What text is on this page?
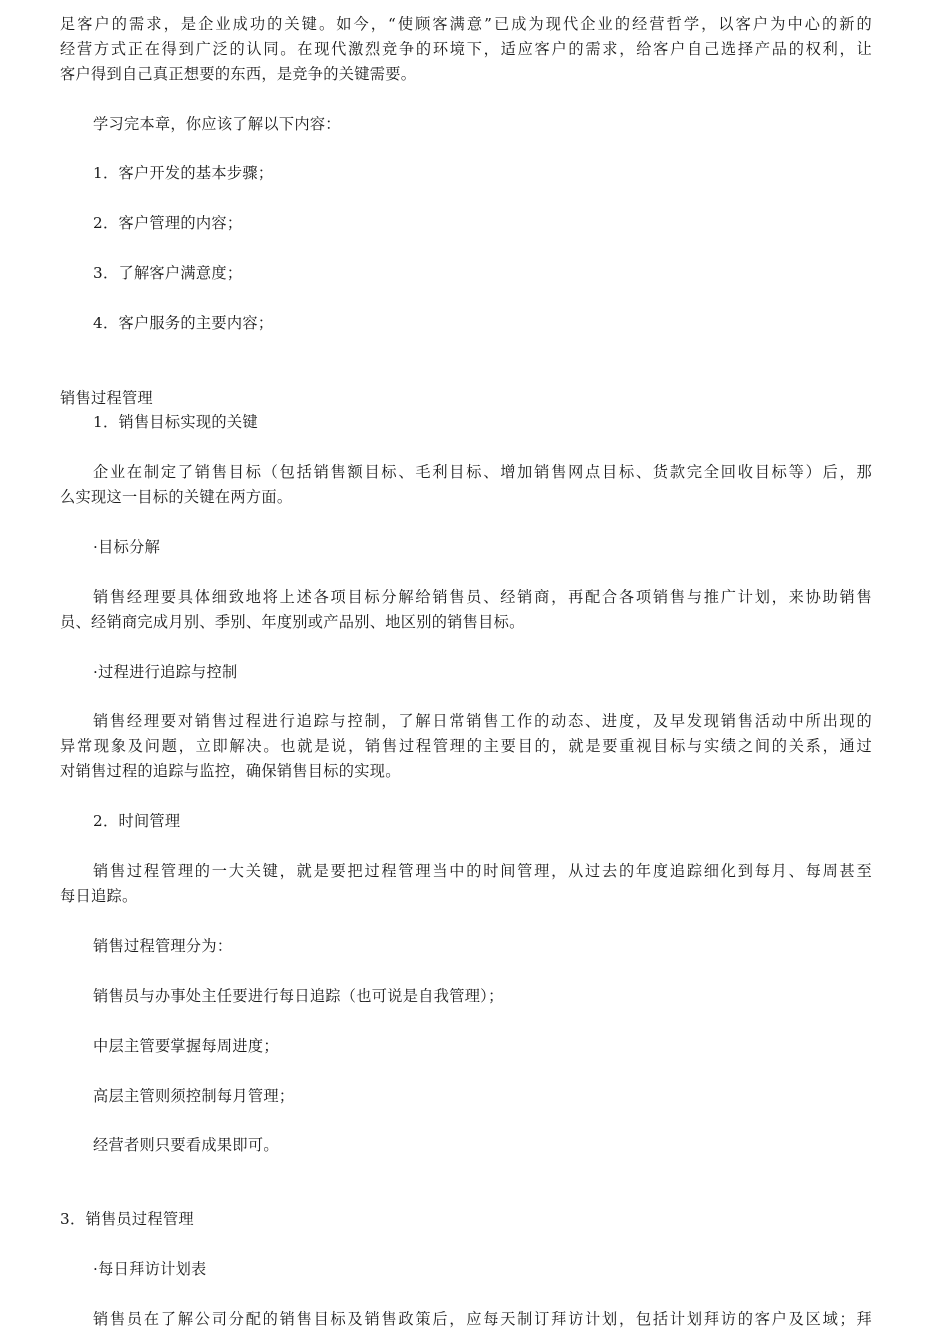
足客户的需求，是企业成功的关键。如今，“使顾客满意”已成为现代企业的经营哲学，以客户为中心的新的
经营方式正在得到广泛的认同。在现代激烈竞争的环境下，适应客户的需求，给客户自己选择产品的权利，让
客户得到自己真正想要的东西，是竞争的关键需要。
学习完本章，你应该了解以下内容：
1．客户开发的基本步骤；
2．客户管理的内容；
3．了解客户满意度；
4．客户服务的主要内容；
销售过程管理
1．销售目标实现的关键
企业在制定了销售目标（包括销售额目标、毛利目标、增加销售网点目标、货款完全回收目标等）后，那
么实现这一目标的关键在两方面。
·目标分解
销售经理要具体细致地将上述各项目标分解给销售员、经销商，再配合各项销售与推广计划，来协助销售
员、经销商完成月别、季别、年度别或产品别、地区别的销售目标。
·过程进行追踪与控制
销售经理要对销售过程进行追踪与控制，了解日常销售工作的动态、进度，及早发现销售活动中所出现的
异常现象及问题，立即解决。也就是说，销售过程管理的主要目的，就是要重视目标与实绩之间的关系，通过
对销售过程的追踪与监控，确保销售目标的实现。
2．时间管理
销售过程管理的一大关键，就是要把过程管理当中的时间管理，从过去的年度追踪细化到每月、每周甚至
每日追踪。
销售过程管理分为：
销售员与办事处主任要进行每日追踪（也可说是自我管理）；
中层主管要掌握每周进度；
高层主管则须控制每月管理；
经营者则只要看成果即可。
3．销售员过程管理
·每日拜访计划表
销售员在了解公司分配的销售目标及销售政策后，应每天制订拜访计划，包括计划拜访的客户及区域；拜
